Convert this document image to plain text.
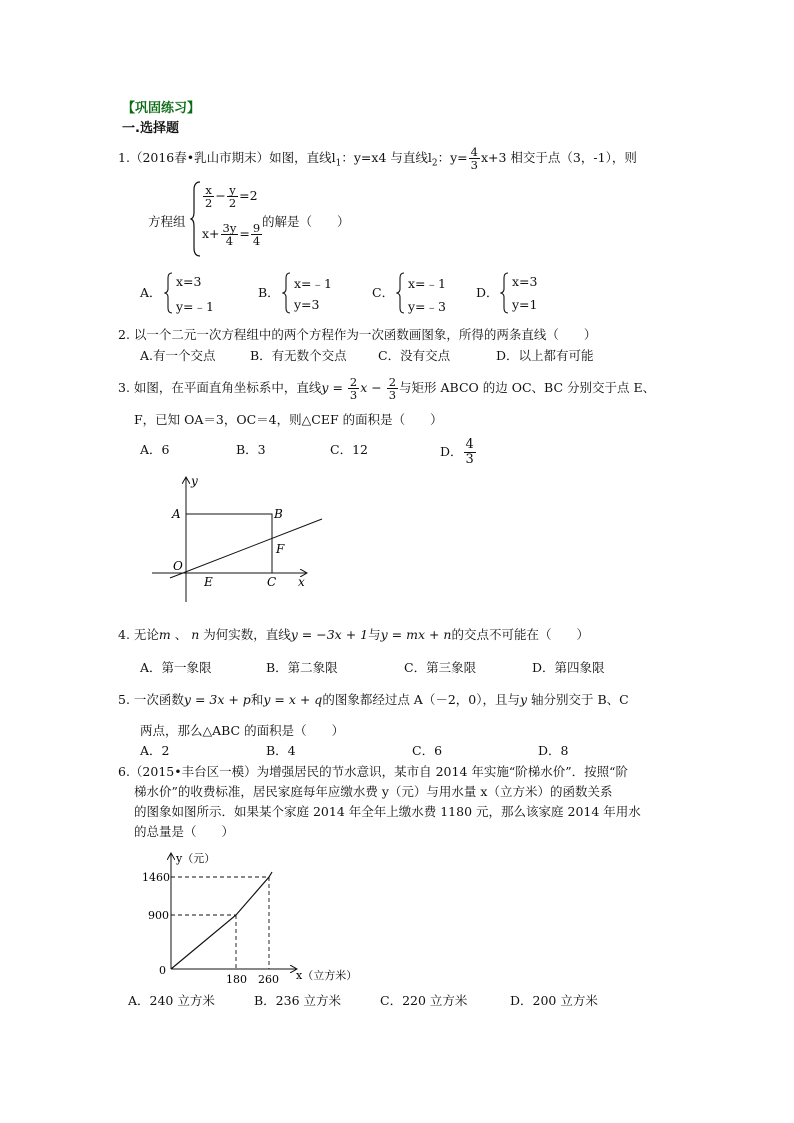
【巩固练习】
一.选择题
1.（2016春•乳山市期末）如图，直线$l_1$：y=x4 与直线$l_2$：$y= \frac{4}{3} x+3$ 相交于点（3，-1），则
方程组
$\frac{x}{2} - \frac{y}{2} =2$
$x+ \frac{3y}{4} = \frac{9}{4}$
的解是（　　）
A．
x=3
y=﹣1
B．
x=﹣1
y=3
C．
x=﹣1
y=﹣3
D．
x=3
y=1
2. 以一个二元一次方程组中的两个方程作为一次函数画图象，所得的两条直线（　　）
A.有一个交点	B．有无数个交点	C．没有交点	D．以上都有可能
3. 如图，在平面直角坐标系中，直线$y = \frac{2}{3}$ $x - \frac{2}{3}$ 与矩形 ABCO 的边 OC、BC 分别交于点 E、
F，已知 OA＝3，OC＝4，则△CEF 的面积是（　　）
A．6	B．3	C．12	D． $\frac{4}{3}$
y
x
A	B
F
O
E	C
4. 无论m 、 n 为何实数，直线y = −3x + 1与y = mx + n的交点不可能在（　　）
A．第一象限	B．第二象限	C．第三象限	D．第四象限
5. 一次函数y = 3x + p和y = x + q的图象都经过点 A（－2，0），且与y 轴分别交于 B、C
两点，那么△ABC 的面积是（　　）
A．2	B．4	C．6	D．8
6.（2015•丰台区一模）为增强居民的节水意识，某市自 2014 年实施“阶梯水价”．按照“阶
梯水价”的收费标准，居民家庭每年应缴水费 y（元）与用水量 x（立方米）的函数关系
的图象如图所示．如果某个家庭 2014 年全年上缴水费 1180 元，那么该家庭 2014 年用水
的总量是（　　）
y（元）
x（立方米）
1460
900
0
180 260
A．240 立方米	B．236 立方米	C．220 立方米	D．200 立方米
